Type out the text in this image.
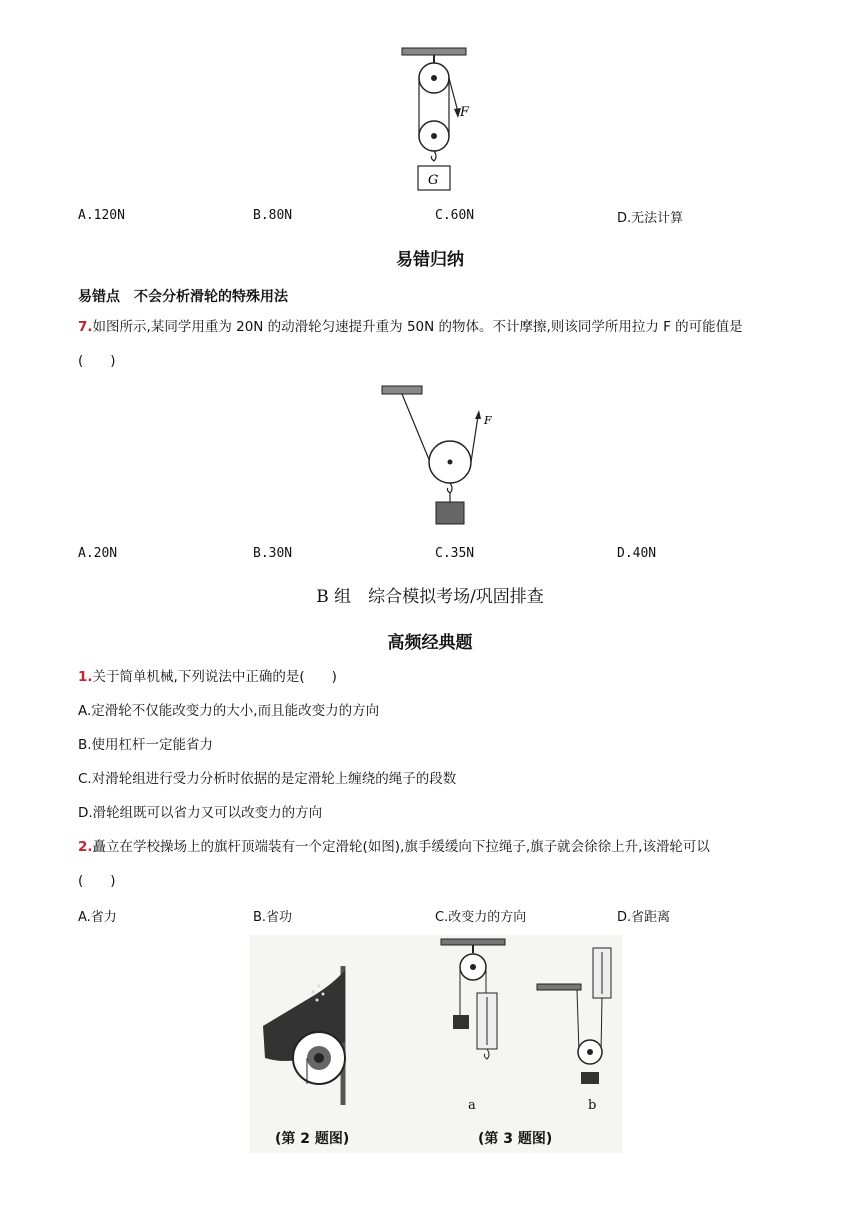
G
F
A.120N	B.80N	C.60N	D.无法计算
易错归纳
易错点　不会分析滑轮的特殊用法
7.如图所示,某同学用重为 20N 的动滑轮匀速提升重为 50N 的物体。不计摩擦,则该同学所用拉力 F 的可能值是
(　　)
F
A.20N	B.30N	C.35N	D.40N
B 组　综合模拟考场/巩固排查
高频经典题
1.关于简单机械,下列说法中正确的是(　　)
A.定滑轮不仅能改变力的大小,而且能改变力的方向
B.使用杠杆一定能省力
C.对滑轮组进行受力分析时依据的是定滑轮上缠绕的绳子的段数
D.滑轮组既可以省力又可以改变力的方向
2.矗立在学校操场上的旗杆顶端装有一个定滑轮(如图),旗手缓缓向下拉绳子,旗子就会徐徐上升,该滑轮可以
(　　)
A.省力	B.省功	C.改变力的方向	D.省距离
a	b
(第 2 题图)	(第 3 题图)
